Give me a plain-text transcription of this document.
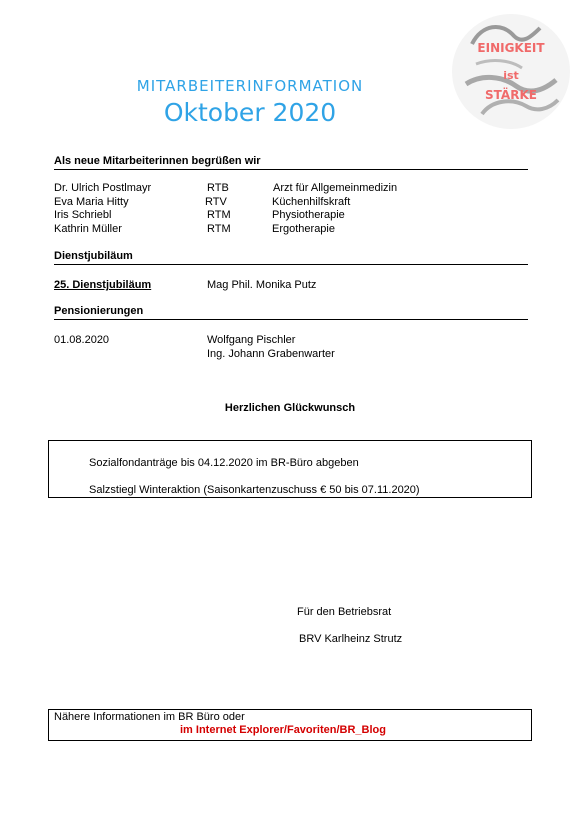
EINIGKEIT
ist
STÄRKE
MITARBEITERINFORMATION
Oktober 2020
Als neue Mitarbeiterinnen begrüßen wir
Dr. Ulrich Postlmayr	RTB	Arzt für Allgemeinmedizin
Eva Maria Hitty	RTV	Küchenhilfskraft
Iris Schriebl	RTM	Physiotherapie
Kathrin Müller	RTM	Ergotherapie
Dienstjubiläum
25. Dienstjubiläum	Mag Phil. Monika Putz
Pensionierungen
01.08.2020	Wolfgang Pischler
Ing. Johann Grabenwarter
Herzlichen Glückwunsch
Sozialfondanträge bis 04.12.2020 im BR-Büro abgeben
Salzstiegl Winteraktion (Saisonkartenzuschuss € 50 bis 07.11.2020)
Für den Betriebsrat
BRV Karlheinz Strutz
Nähere Informationen im BR Büro oder
im Internet Explorer/Favoriten/BR_Blog
